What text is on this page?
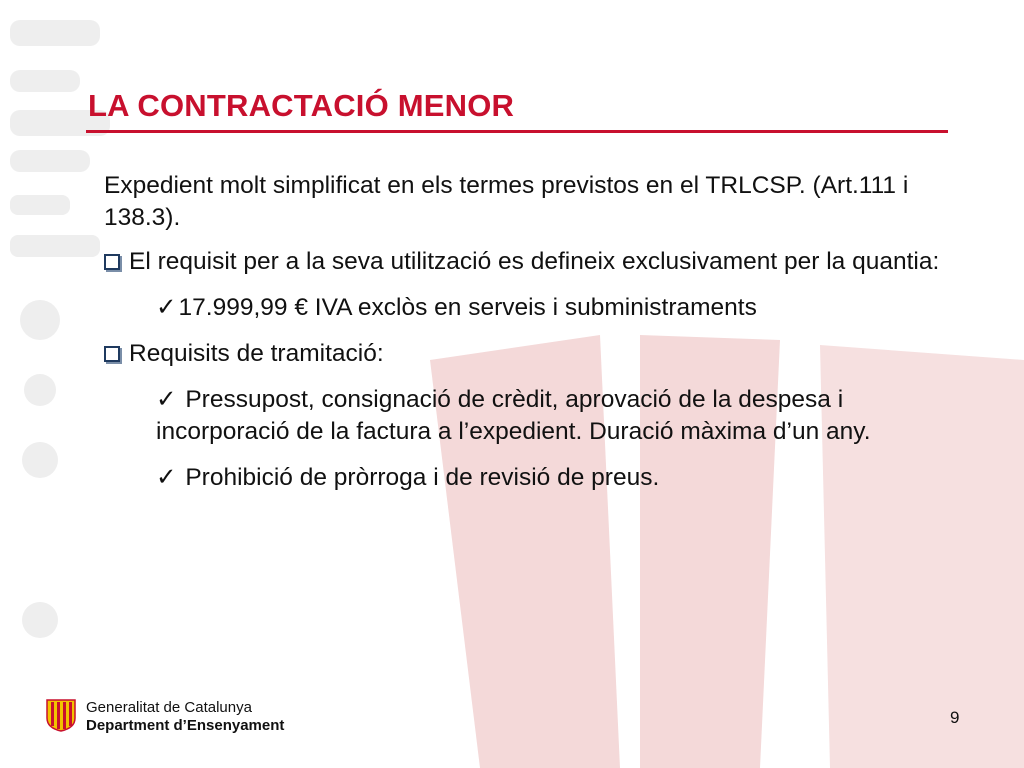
LA CONTRACTACIÓ MENOR

Expedient molt simplificat en els termes previstos en el TRLCSP. (Art.111 i 138.3).

El requisit per a la seva utilització es defineix exclusivament per la quantia:

✓17.999,99 € IVA exclòs en serveis i subministraments

Requisits de tramitació:

✓ Pressupost, consignació de crèdit, aprovació de la despesa i incorporació de la factura a l’expedient. Duració màxima d’un any.

✓ Prohibició de pròrroga i de revisió de preus.

Generalitat de Catalunya
Department d’Ensenyament	9
